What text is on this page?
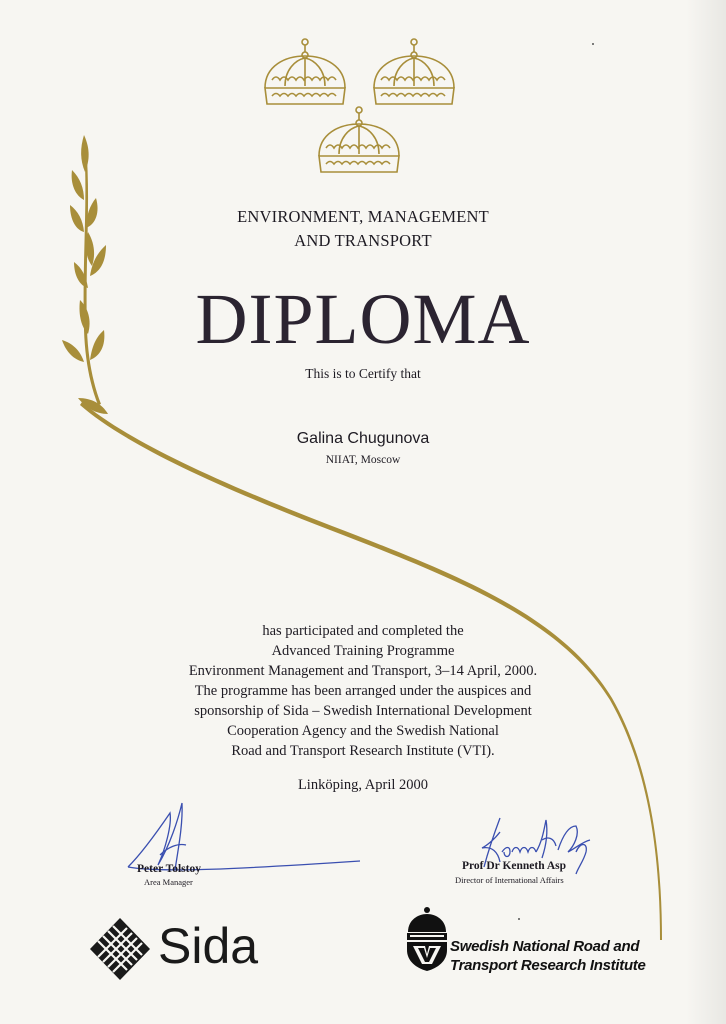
ENVIRONMENT, MANAGEMENT
AND TRANSPORT
DIPLOMA
This is to Certify that
Galina Chugunova
NIIAT, Moscow
has participated and completed the
Advanced Training Programme
Environment Management and Transport, 3–14 April, 2000.
The programme has been arranged under the auspices and
sponsorship of Sida – Swedish International Development
Cooperation Agency and the Swedish National
Road and Transport Research Institute (VTI).
Linköping, April 2000
Peter Tolstoy
Area Manager
Prof Dr Kenneth Asp
Director of International Affairs
Sida	Swedish National Road and
Transport Research Institute
